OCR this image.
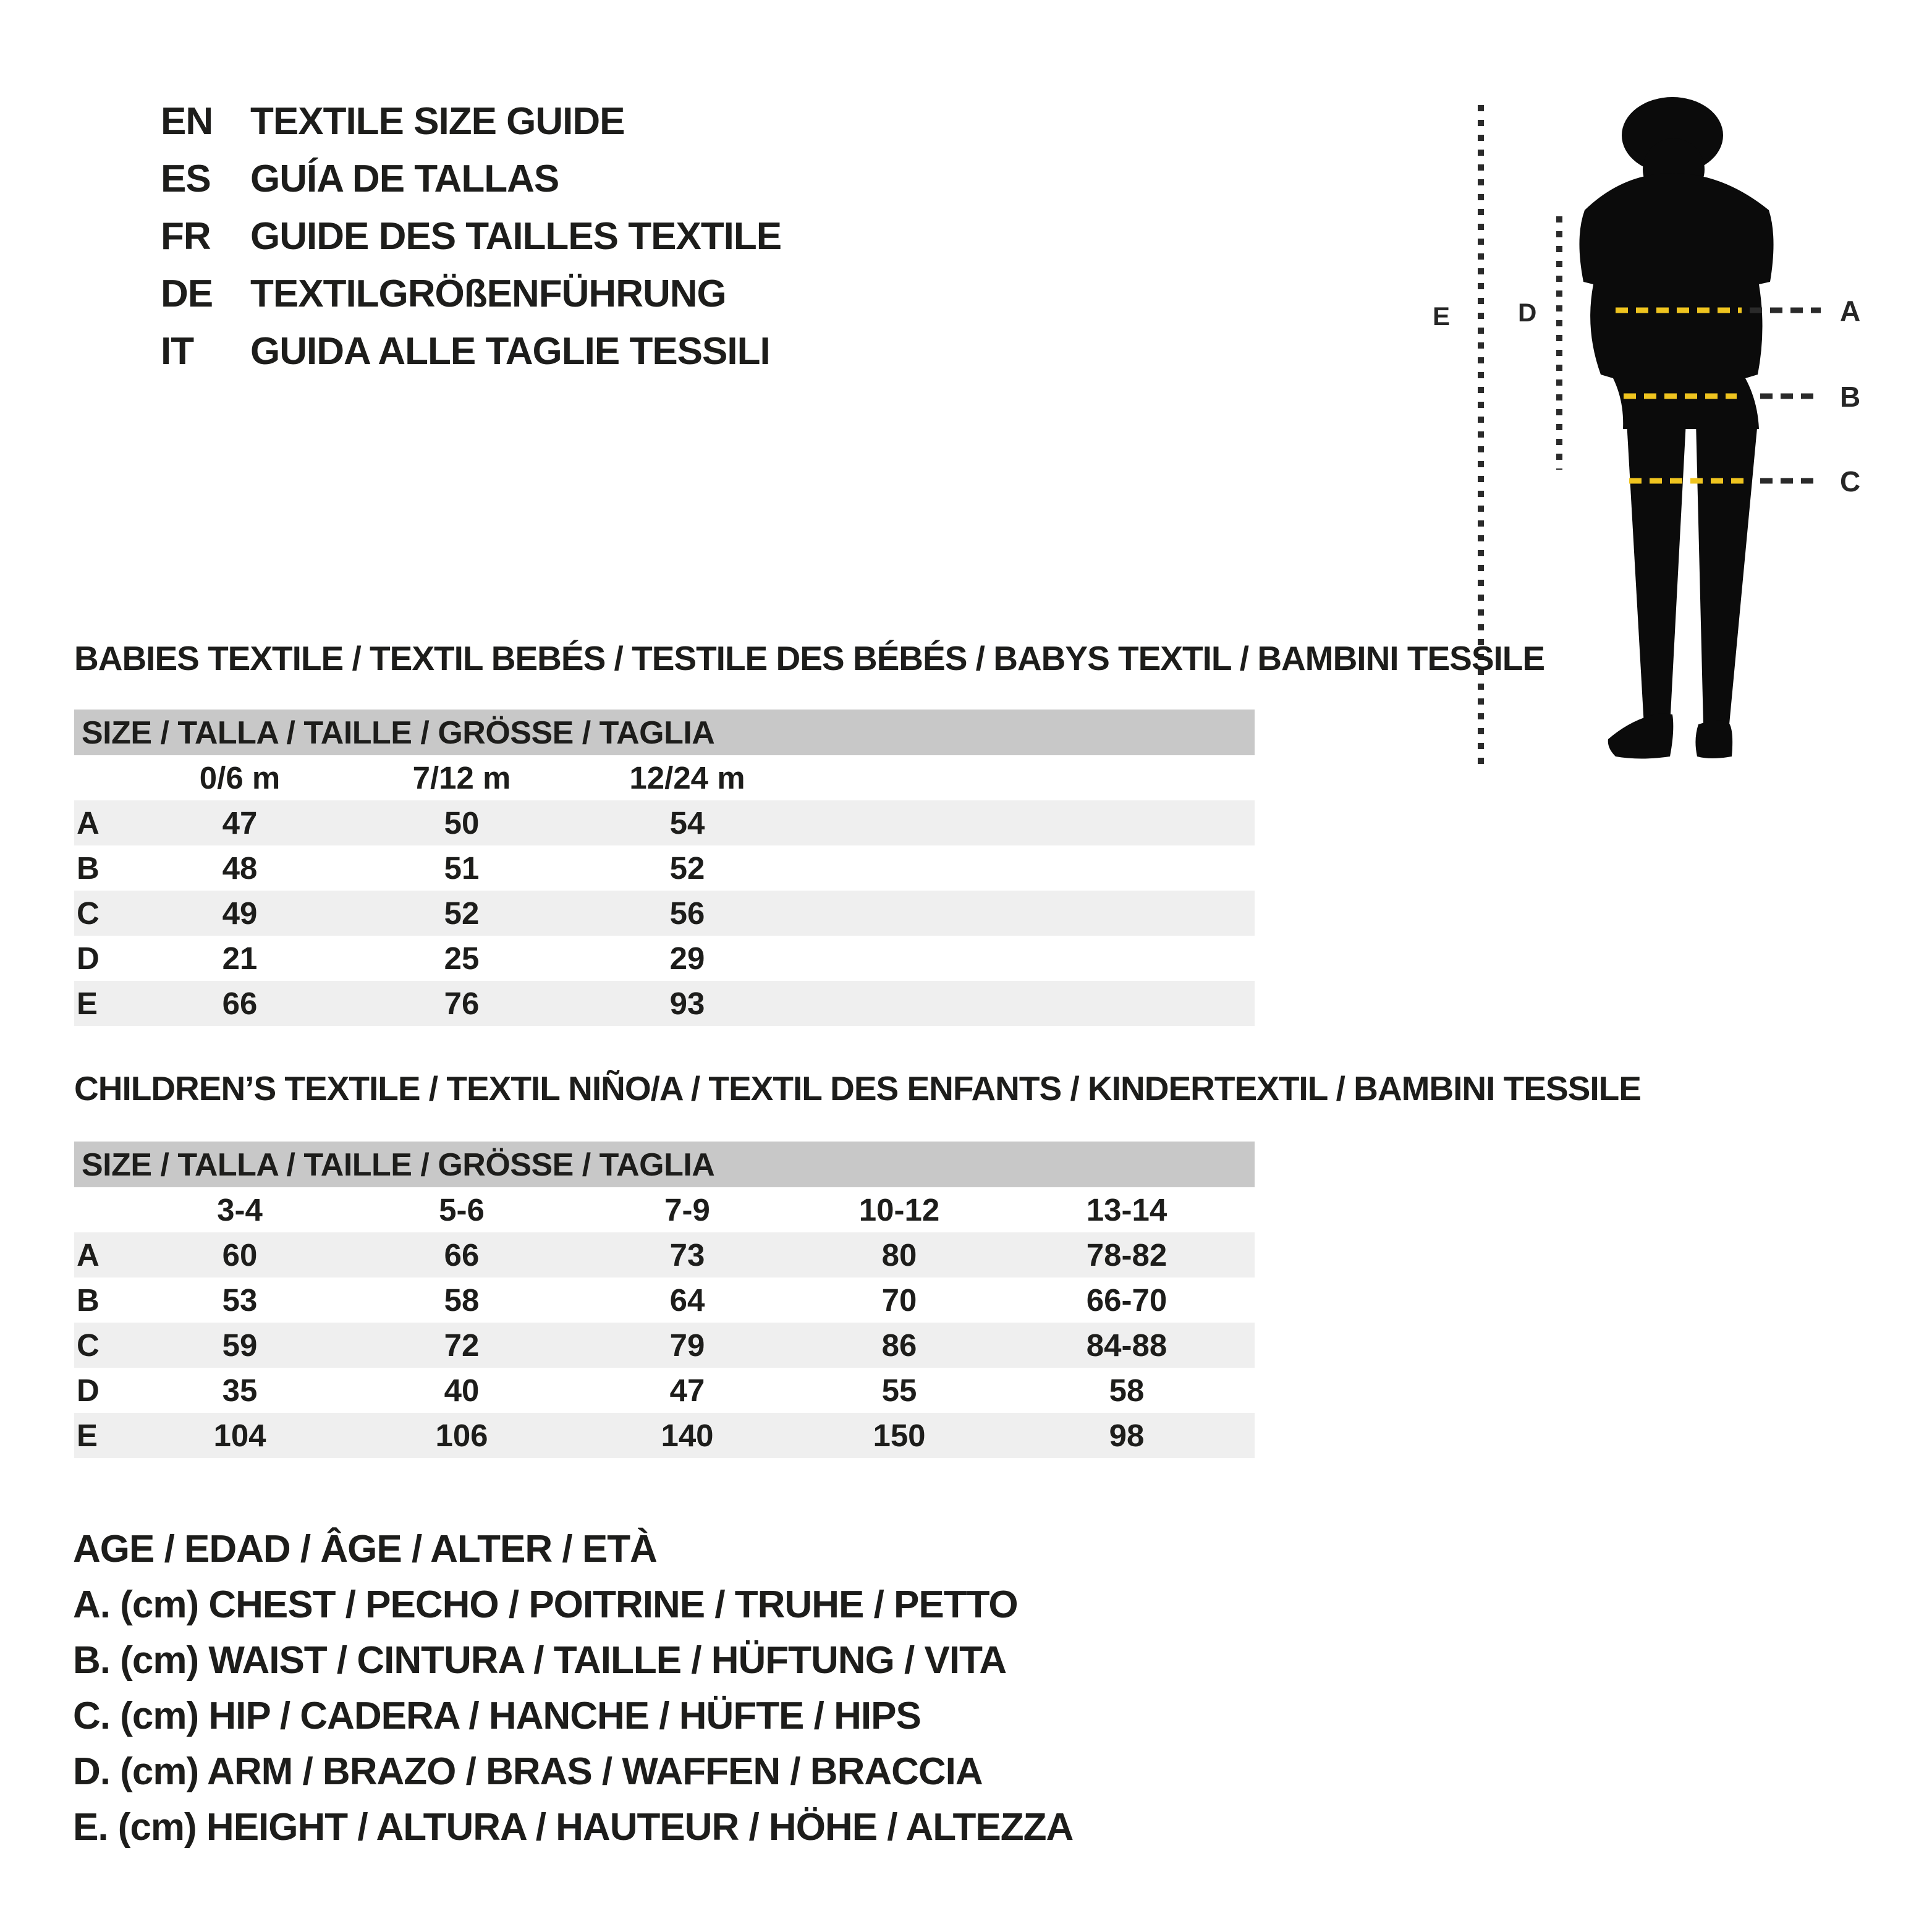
EN TEXTILE SIZE GUIDE
ES GUÍA DE TALLAS
FR GUIDE DES TAILLES TEXTILE
DE TEXTILGRÖßENFÜHRUNG
IT GUIDA ALLE TAGLIE TESSILI
E	D	A
B
C
BABIES TEXTILE / TEXTIL BEBÉS / TESTILE DES BÉBÉS / BABYS TEXTIL / BAMBINI TESSILE
SIZE / TALLA / TAILLE / GRÖSSE / TAGLIA
0/6 m	7/12 m	12/24 m
A	47	50	54
B	48	51	52
C	49	52	56
D	21	25	29
E	66	76	93
CHILDREN’S TEXTILE / TEXTIL NIÑO/A / TEXTIL DES ENFANTS / KINDERTEXTIL / BAMBINI TESSILE
SIZE / TALLA / TAILLE / GRÖSSE / TAGLIA
3-4	5-6	7-9	10-12	13-14
A	60	66	73	80	78-82
B	53	58	64	70	66-70
C	59	72	79	86	84-88
D	35	40	47	55	58
E	104	106	140	150	98
AGE / EDAD / ÂGE / ALTER / ETÀ
A. (cm) CHEST / PECHO / POITRINE / TRUHE / PETTO
B. (cm) WAIST / CINTURA / TAILLE / HÜFTUNG / VITA
C. (cm) HIP / CADERA / HANCHE / HÜFTE / HIPS
D. (cm) ARM / BRAZO / BRAS / WAFFEN / BRACCIA
E. (cm) HEIGHT / ALTURA / HAUTEUR / HÖHE / ALTEZZA
